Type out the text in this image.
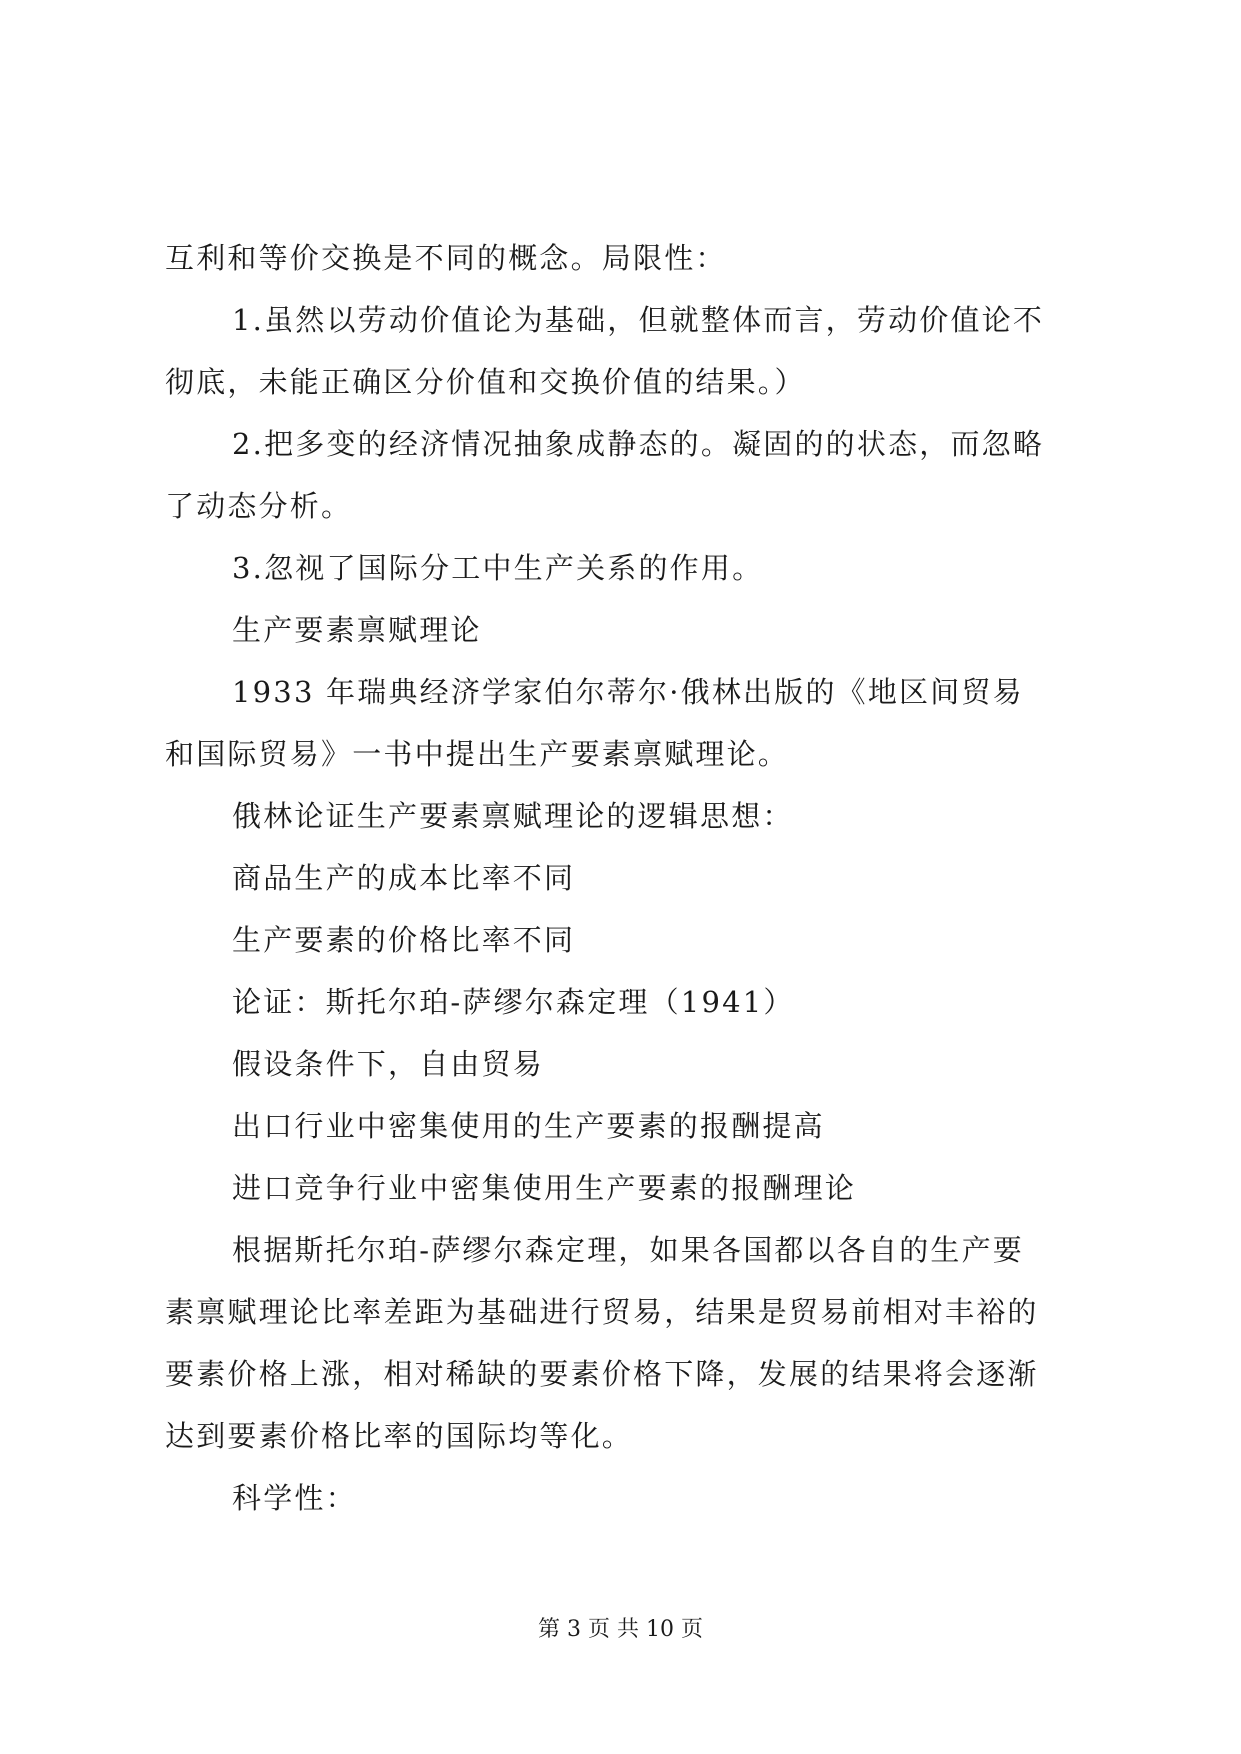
互利和等价交换是不同的概念。局限性：
1.虽然以劳动价值论为基础，但就整体而言，劳动价值论不
彻底，未能正确区分价值和交换价值的结果。）
2.把多变的经济情况抽象成静态的。凝固的的状态，而忽略
了动态分析。
3.忽视了国际分工中生产关系的作用。
生产要素禀赋理论
1933 年瑞典经济学家伯尔蒂尔·俄林出版的《地区间贸易
和国际贸易》一书中提出生产要素禀赋理论。
俄林论证生产要素禀赋理论的逻辑思想：
商品生产的成本比率不同
生产要素的价格比率不同
论证：斯托尔珀-萨缪尔森定理（1941）
假设条件下，自由贸易
出口行业中密集使用的生产要素的报酬提高
进口竞争行业中密集使用生产要素的报酬理论
根据斯托尔珀-萨缪尔森定理，如果各国都以各自的生产要
素禀赋理论比率差距为基础进行贸易，结果是贸易前相对丰裕的
要素价格上涨，相对稀缺的要素价格下降，发展的结果将会逐渐
达到要素价格比率的国际均等化。
科学性：
第 3 页 共 10 页
